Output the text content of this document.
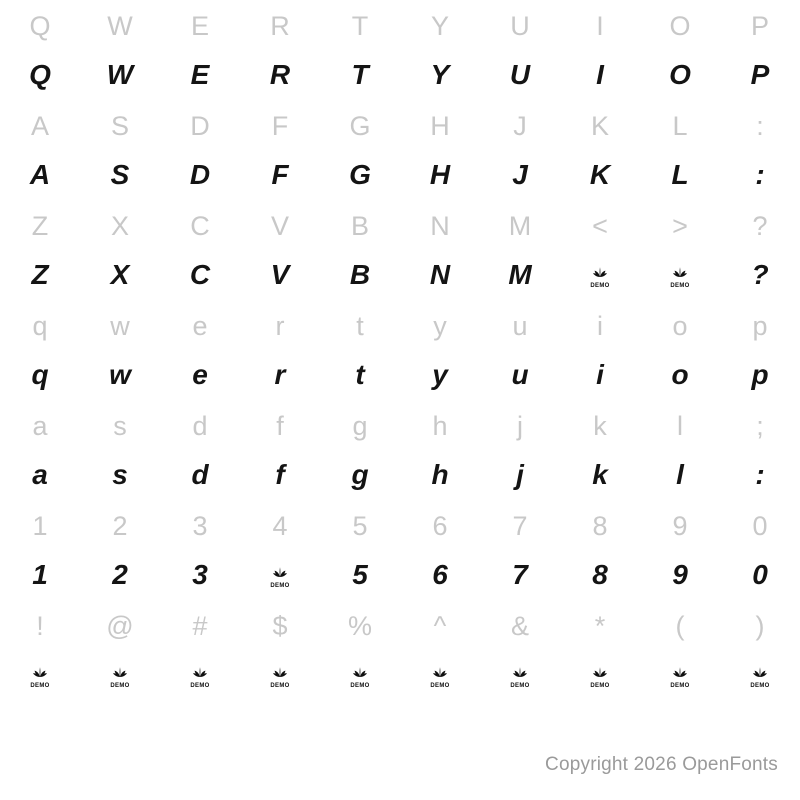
Q	W	E	R	T	Y	U	I	O	P
Q	W	E	R	T	Y	U	I	O	P
A	S	D	F	G	H	J	K	L	:
A	S	D	F	G	H	J	K	L	:
Z	X	C	V	B	N	M	<	>	?
Z	X	C	V	B	N	M	DEMO	DEMO	?
q	w	e	r	t	y	u	i	o	p
q	w	e	r	t	y	u	i	o	p
a	s	d	f	g	h	j	k	l	;
a	s	d	f	g	h	j	k	l	:
1	2	3	4	5	6	7	8	9	0
1	2	3	DEMO	5	6	7	8	9	0
!	@	#	$	%	^	&	*	(	)
DEMO	DEMO	DEMO	DEMO	DEMO	DEMO	DEMO	DEMO	DEMO	DEMO
Copyright 2026 OpenFonts
